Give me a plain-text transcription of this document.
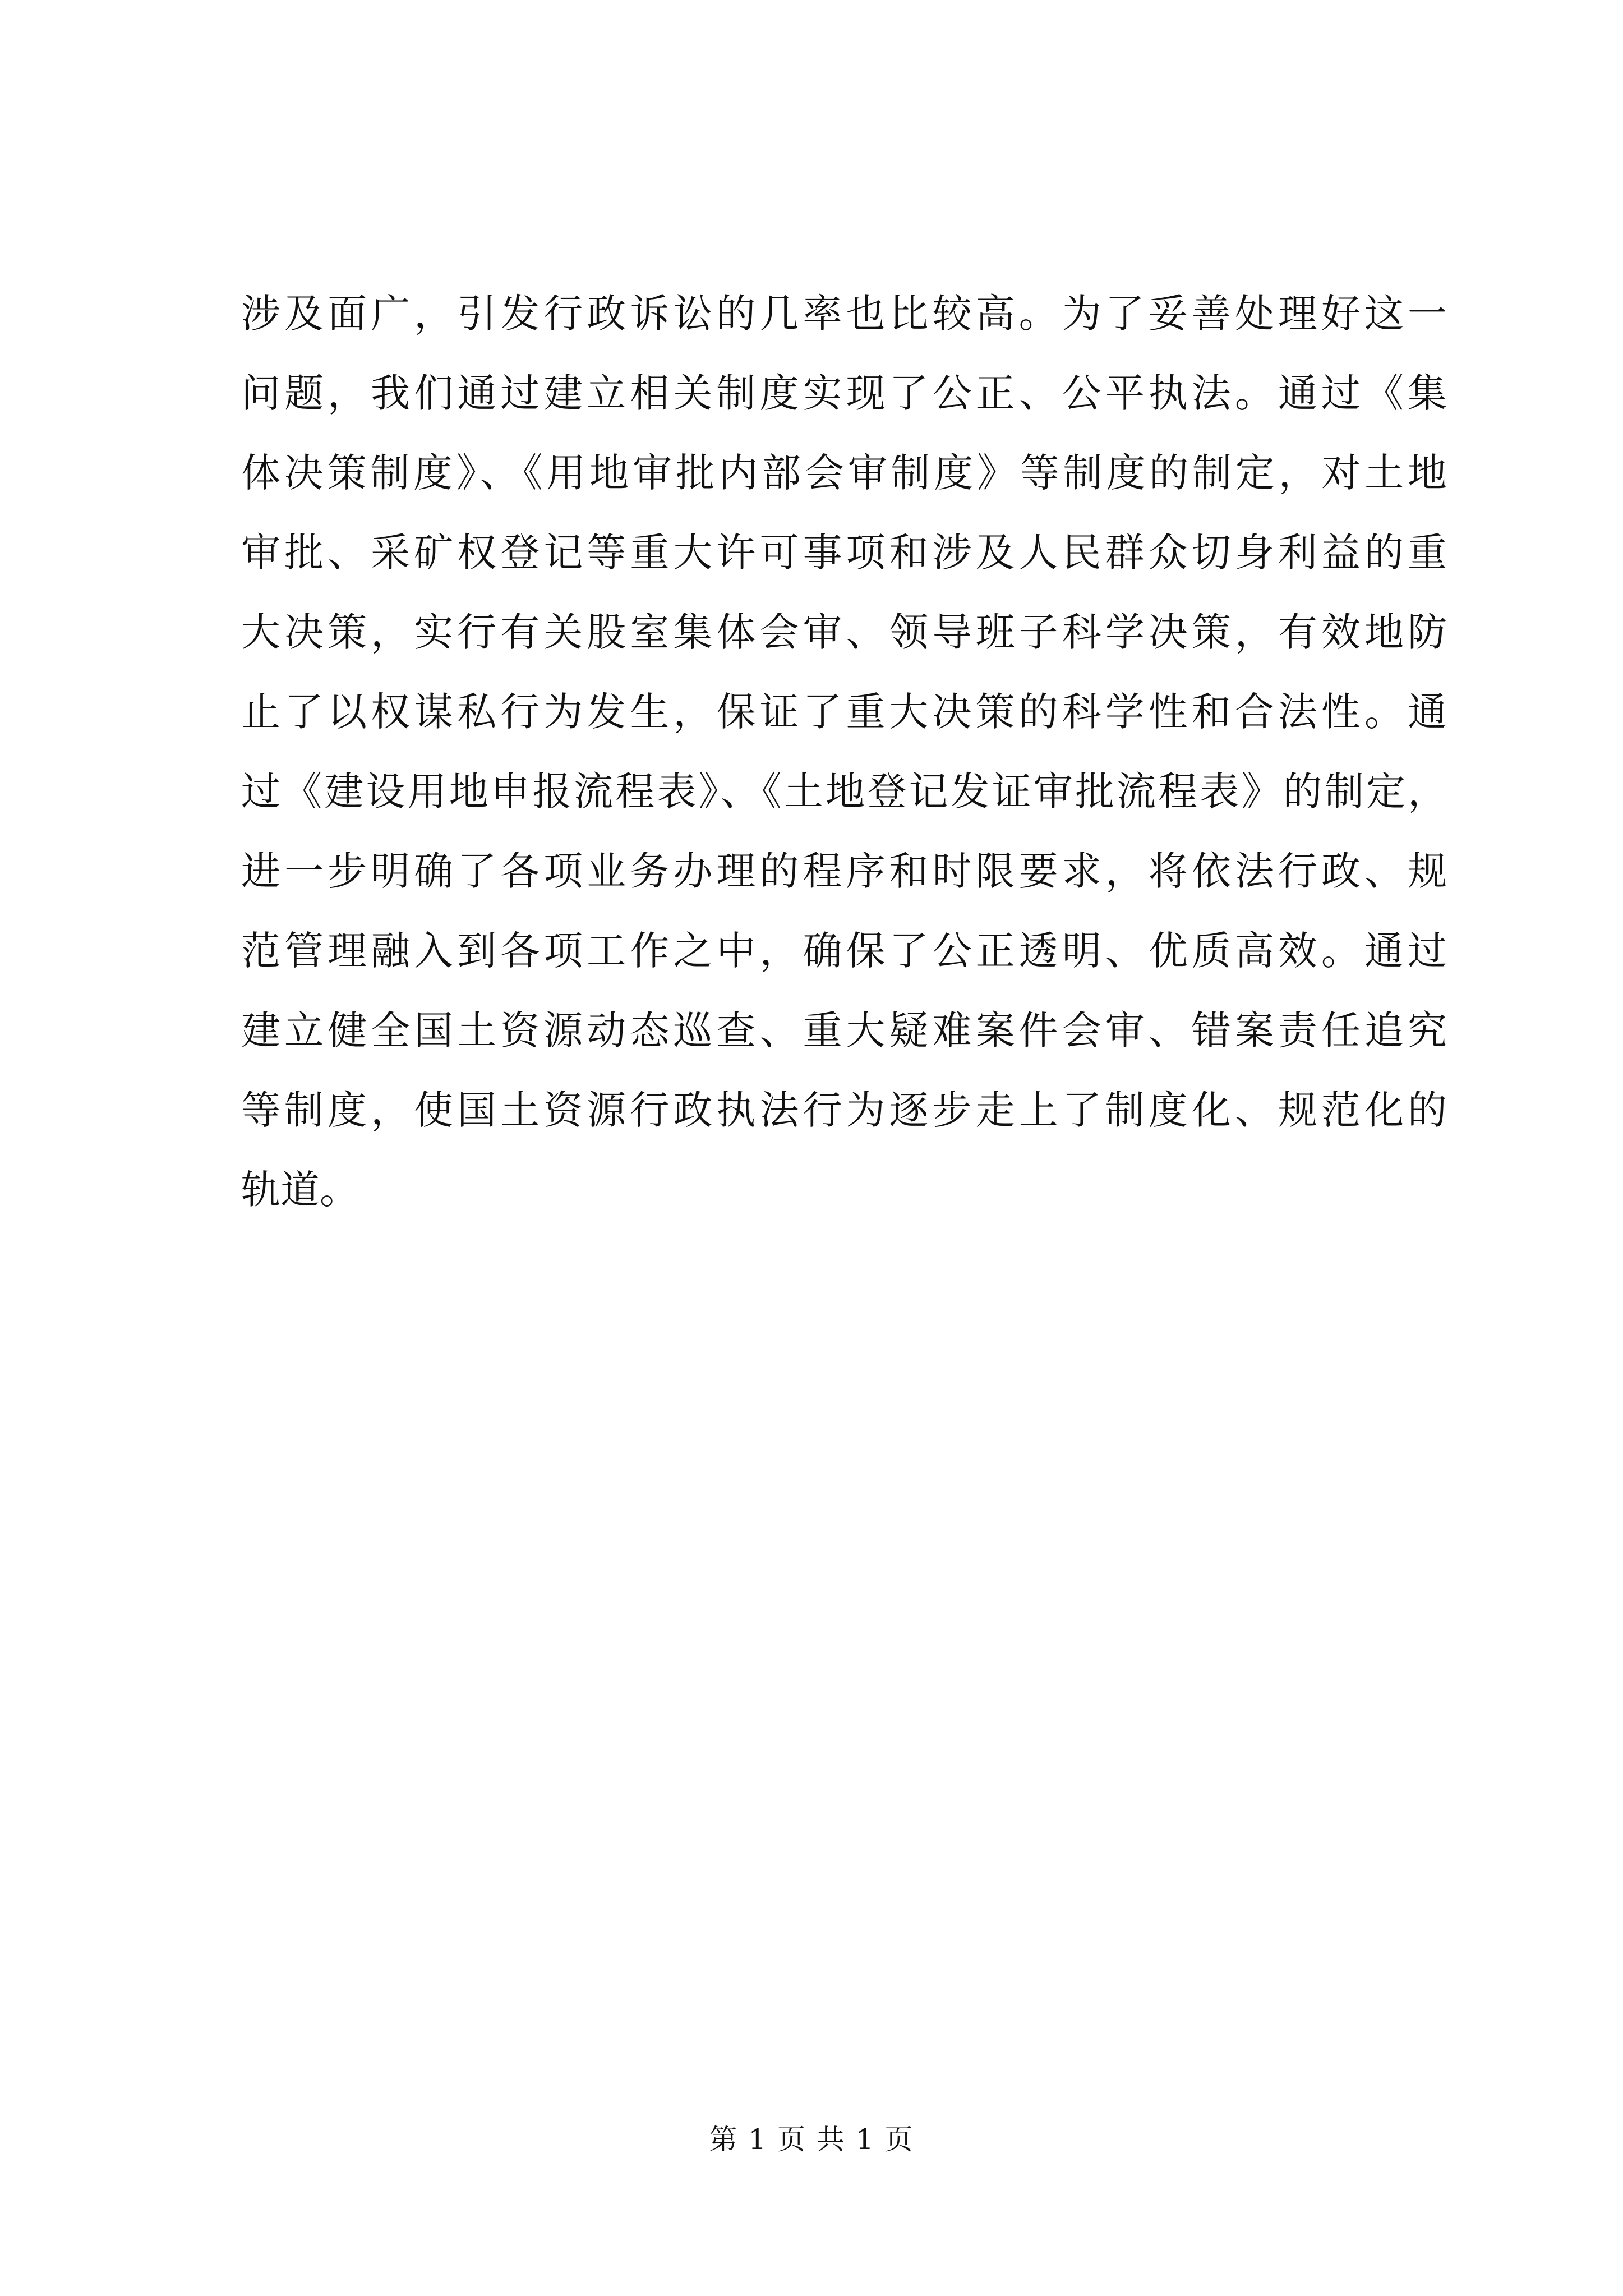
涉及面广，引发行政诉讼的几率也比较高。为了妥善处理好这一
问题，我们通过建立相关制度实现了公正、公平执法。通过《集
体决策制度》、《用地审批内部会审制度》等制度的制定，对土地
审批、采矿权登记等重大许可事项和涉及人民群众切身利益的重
大决策，实行有关股室集体会审、领导班子科学决策，有效地防
止了以权谋私行为发生，保证了重大决策的科学性和合法性。通
过《建设用地申报流程表》、《土地登记发证审批流程表》的制定，
进一步明确了各项业务办理的程序和时限要求，将依法行政、规
范管理融入到各项工作之中，确保了公正透明、优质高效。通过
建立健全国土资源动态巡查、重大疑难案件会审、错案责任追究
等制度，使国土资源行政执法行为逐步走上了制度化、规范化的
轨道。
第 1 页 共 1 页
